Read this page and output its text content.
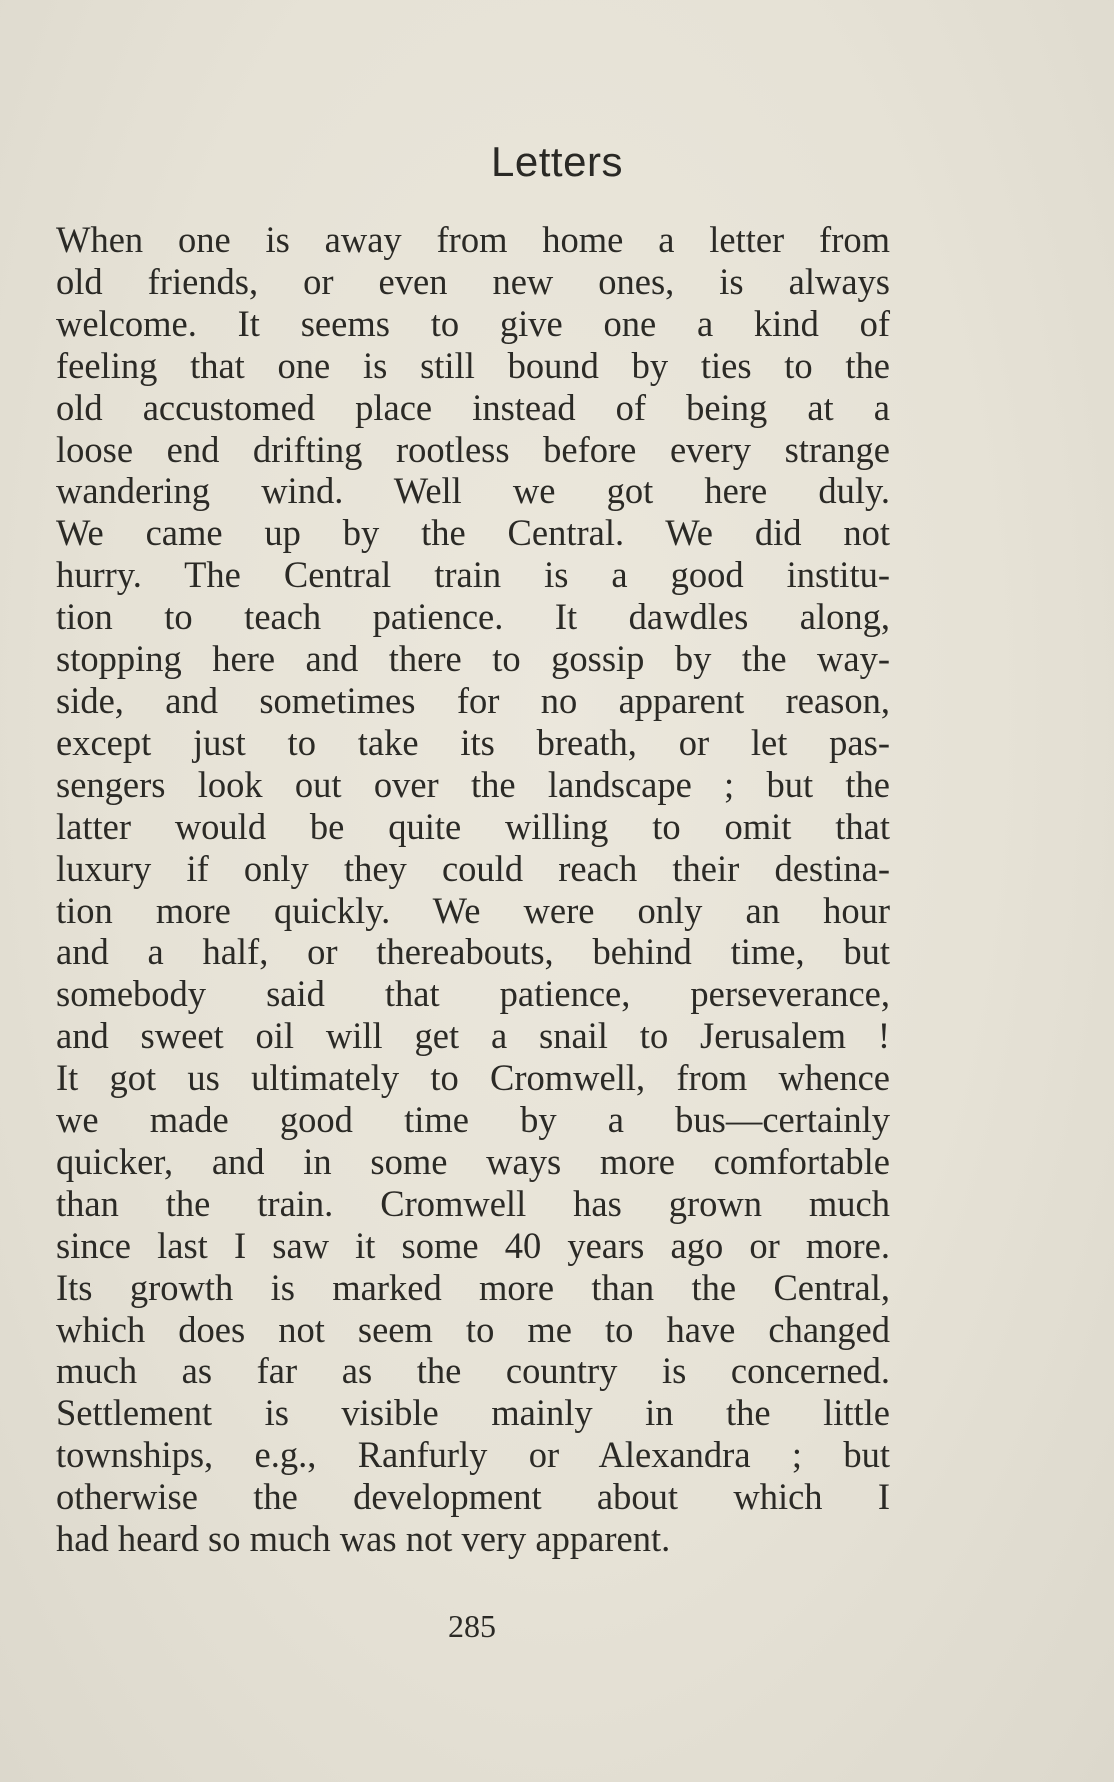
Letters
When one is away from home a letter from
old friends, or even new ones, is always
welcome. It seems to give one a kind of
feeling that one is still bound by ties to the
old accustomed place instead of being at a
loose end drifting rootless before every strange
wandering wind. Well we got here duly.
We came up by the Central. We did not
hurry. The Central train is a good institu-
tion to teach patience. It dawdles along,
stopping here and there to gossip by the way-
side, and sometimes for no apparent reason,
except just to take its breath, or let pas-
sengers look out over the landscape ; but the
latter would be quite willing to omit that
luxury if only they could reach their destina-
tion more quickly. We were only an hour
and a half, or thereabouts, behind time, but
somebody said that patience, perseverance,
and sweet oil will get a snail to Jerusalem !
It got us ultimately to Cromwell, from whence
we made good time by a bus—certainly
quicker, and in some ways more comfortable
than the train. Cromwell has grown much
since last I saw it some 40 years ago or more.
Its growth is marked more than the Central,
which does not seem to me to have changed
much as far as the country is concerned.
Settlement is visible mainly in the little
townships, e.g., Ranfurly or Alexandra ; but
otherwise the development about which I
had heard so much was not very apparent.
285
